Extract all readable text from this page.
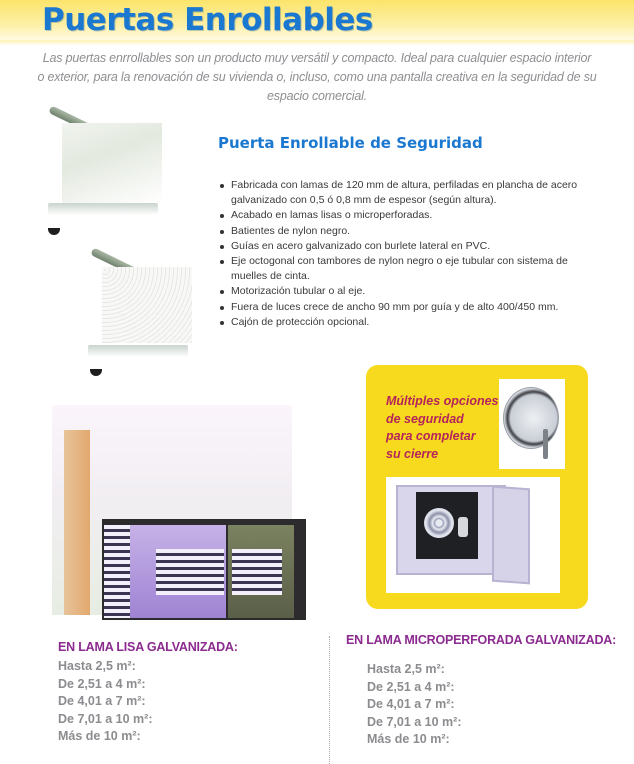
Puertas Enrollables
Las puertas enrrollables son un producto muy versátil y compacto. Ideal para cualquier espacio interior
o exterior, para la renovación de su vivienda o, incluso, como una pantalla creativa en la seguridad de su
espacio comercial.
Puerta Enrollable de Seguridad
Fabricada con lamas de 120 mm de altura, perfiladas en plancha de acero galvanizado con 0,5 ó 0,8 mm de espesor (según altura).
Acabado en lamas lisas o microperforadas.
Batientes de nylon negro.
Guías en acero galvanizado con burlete lateral en PVC.
Eje octogonal con tambores de nylon negro o eje tubular con sistema de muelles de cinta.
Motorización tubular o al eje.
Fuera de luces crece de ancho 90 mm por guía y de alto 400/450 mm.
Cajón de protección opcional.
Múltiples opciones
de seguridad
para completar
su cierre
EN LAMA LISA GALVANIZADA:
Hasta 2,5 m²:
De 2,51 a 4 m²:
De 4,01 a 7 m²:
De 7,01 a 10 m²:
Más de 10 m²:
EN LAMA MICROPERFORADA GALVANIZADA:
Hasta 2,5 m²:
De 2,51 a 4 m²:
De 4,01 a 7 m²:
De 7,01 a 10 m²:
Más de 10 m²:
